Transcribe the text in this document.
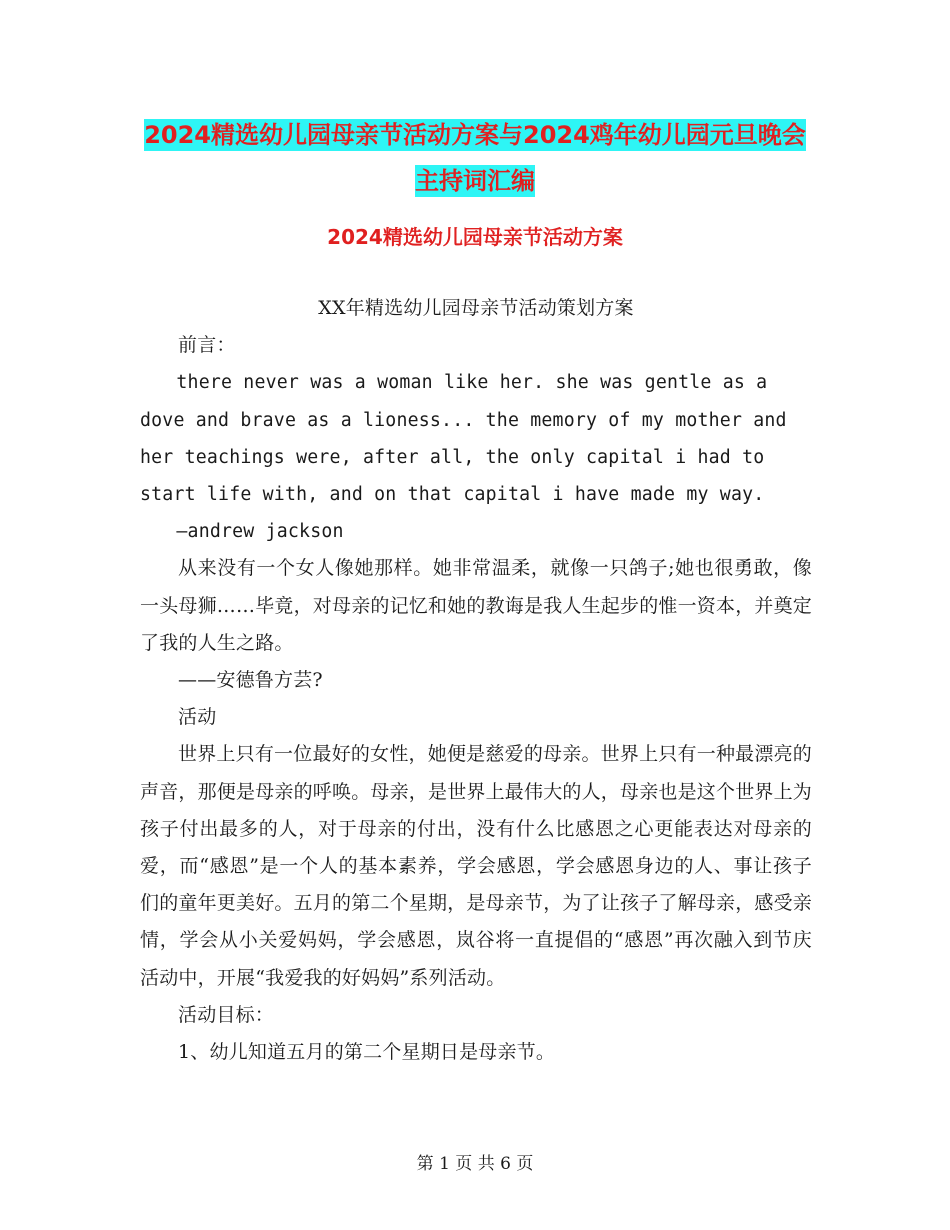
2024精选幼儿园母亲节活动方案与2024鸡年幼儿园元旦晚会主持词汇编
2024精选幼儿园母亲节活动方案

XX年精选幼儿园母亲节活动策划方案

前言：

there never was a woman like her. she was gentle as a dove and brave as a lioness... the memory of my mother and her teachings were, after all, the only capital i had to start life with, and on that capital i have made my way.

—andrew jackson

从来没有一个女人像她那样。她非常温柔，就像一只鸽子;她也很勇敢，像一头母狮……毕竟，对母亲的记忆和她的教诲是我人生起步的惟一资本，并奠定了我的人生之路。

——安德鲁方芸?

活动

世界上只有一位最好的女性，她便是慈爱的母亲。世界上只有一种最漂亮的声音，那便是母亲的呼唤。母亲，是世界上最伟大的人，母亲也是这个世界上为孩子付出最多的人，对于母亲的付出，没有什么比感恩之心更能表达对母亲的爱，而“感恩”是一个人的基本素养，学会感恩，学会感恩身边的人、事让孩子们的童年更美好。五月的第二个星期，是母亲节，为了让孩子了解母亲，感受亲情，学会从小关爱妈妈，学会感恩，岚谷将一直提倡的“感恩”再次融入到节庆活动中，开展“我爱我的好妈妈”系列活动。

活动目标：

1、幼儿知道五月的第二个星期日是母亲节。

第 1 页 共 6 页
